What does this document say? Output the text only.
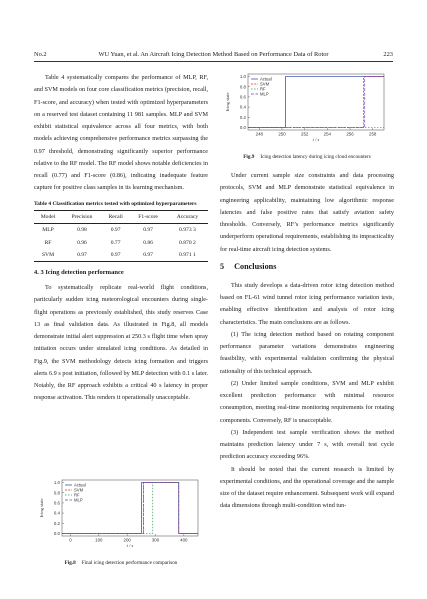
No.2	WU Yuan, et al. An Aircraft Icing Detection Method Based on Performance Data of Rotor	223

Table 4 systematically compares the performance of MLP, RF, and SVM models on four core classification metrics (precision, recall, F1-score, and accuracy) when tested with optimized hyperparameters on a reserved test dataset containing 11 981 samples. MLP and SVM exhibit statistical equivalence across all four metrics, with both models achieving comprehensive performance metrics surpassing the 0.97 threshold, demonstrating significantly superior performance relative to the RF model. The RF model shows notable deficiencies in recall (0.77) and F1-score (0.86), indicating inadequate feature capture for positive class samples in its learning mechanism.

Table 4 Classification metrics tested with optimized hyperparameters
Model	Precision	Recall	F1-score	Accuracy
MLP	0.98	0.97	0.97	0.973 3
RF	0.96	0.77	0.86	0.870 2
SVM	0.97	0.97	0.97	0.971 1
4. 3 Icing detection performance

To systematically replicate real-world flight conditions, particularly sudden icing meteorological encounters during single-flight operations as previously established, this study reserves Case 13 as final validation data. As illustrated in Fig.8, all models demonstrate initial alert suppression at 250.3 s flight time when spray initiation occurs under simulated icing conditions. As detailed in Fig.9, the SVM methodology detects icing formation and triggers alerts 6.9 s post initiation, followed by MLP detection with 0.1 s later. Notably, the RF approach exhibits a critical 40 s latency in proper response activation. This renders it operationally unacceptable.

1.0
0.8
0.6
0.4
0.2
0.0
0	100	200	300	400
t / s
Icing state
Actual
SVM
RF
MLP
Fig.8 Final icing detection performance comparison
1.0
0.8
0.6
0.4
0.2
0.0
248	250	252	254	256	258
t / s
Icing state
Actual
SVM
RF
MLP
Fig.9 Icing detection latency during icing cloud encounters

Under current sample size constraints and data processing protocols, SVM and MLP demonstrate statistical equivalence in engineering applicability, maintaining low algorithmic response latencies and false positive rates that satisfy aviation safety thresholds. Conversely, RF’s performance metrics significantly underperform operational requirements, establishing its impracticality for real-time aircraft icing detection systems.

5 Conclusions

This study develops a data-driven rotor icing detection method based on FL-61 wind tunnel rotor icing performance variation tests, enabling effective identification and analysis of rotor icing characteristics. The main conclusions are as follows.

(1) The icing detection method based on rotating component performance parameter variations demonstrates engineering feasibility, with experimental validation confirming the physical rationality of this technical approach.

(2) Under limited sample conditions, SVM and MLP exhibit excellent prediction performance with minimal resource consumption, meeting real-time monitoring requirements for rotating components. Conversely, RF is unacceptable.

(3) Independent test sample verification shows the method maintains prediction latency under 7 s, with overall test cycle prediction accuracy exceeding 96%.

It should be noted that the current research is limited by experimental conditions, and the operational coverage and the sample size of the dataset require enhancement. Subsequent work will expand data dimensions through multi-condition wind tun-
